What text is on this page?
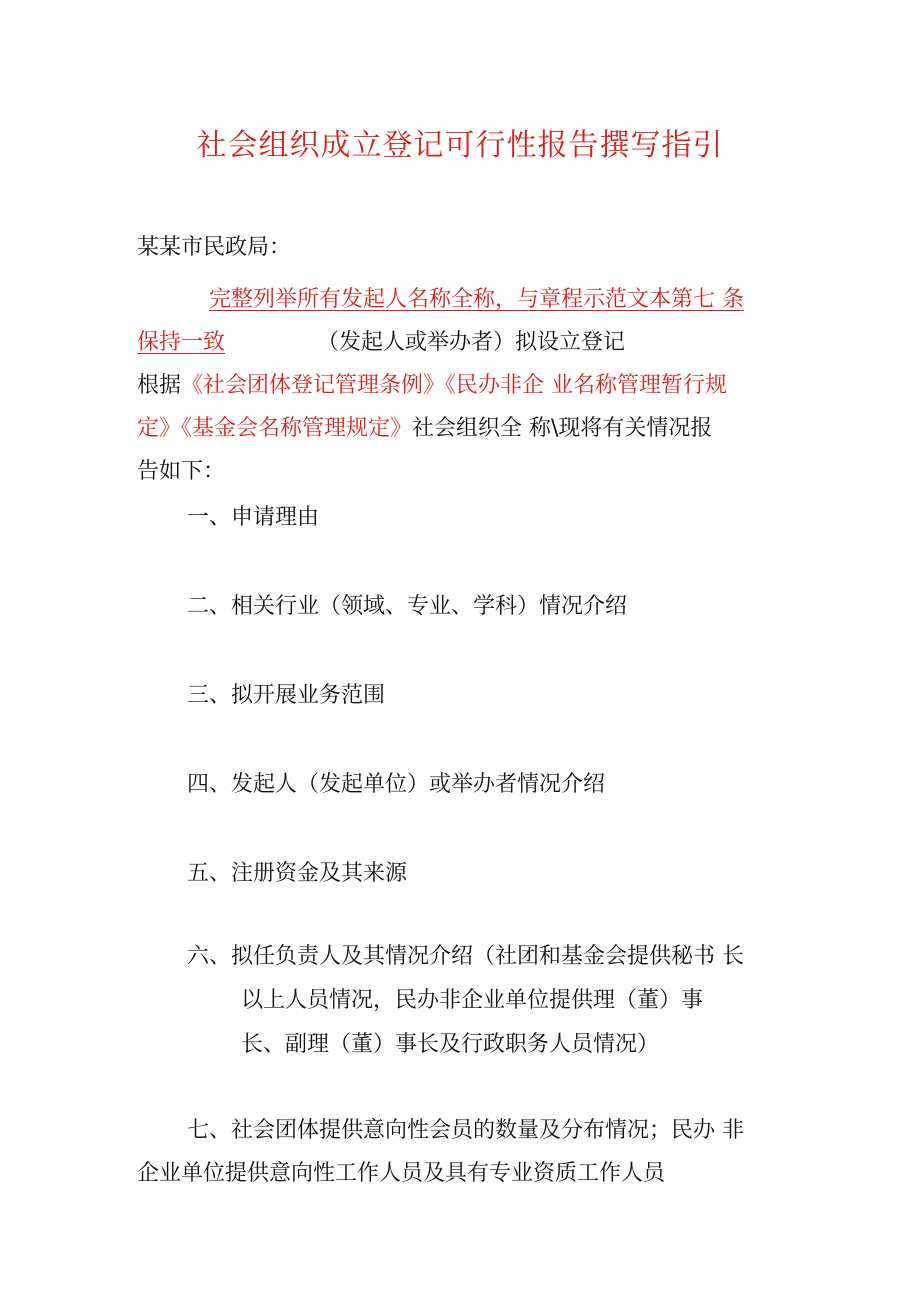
社会组织成立登记可行性报告撰写指引
某某市民政局：
完整列举所有发起人名称全称，与章程示范文本第七 条
保持一致	（发起人或举办者）拟设立登记
根据《社会团体登记管理条例》《民办非企 业名称管理暂行规
定》《基金会名称管理规定》社会组织全 称\现将有关情况报
告如下：
一、申请理由
二、相关行业（领域、专业、学科）情况介绍
三、拟开展业务范围
四、发起人（发起单位）或举办者情况介绍
五、注册资金及其来源
六、拟任负责人及其情况介绍（社团和基金会提供秘书 长
以上人员情况，民办非企业单位提供理（董）事
长、副理（董）事长及行政职务人员情况）
七、社会团体提供意向性会员的数量及分布情况；民办 非
企业单位提供意向性工作人员及具有专业资质工作人员
